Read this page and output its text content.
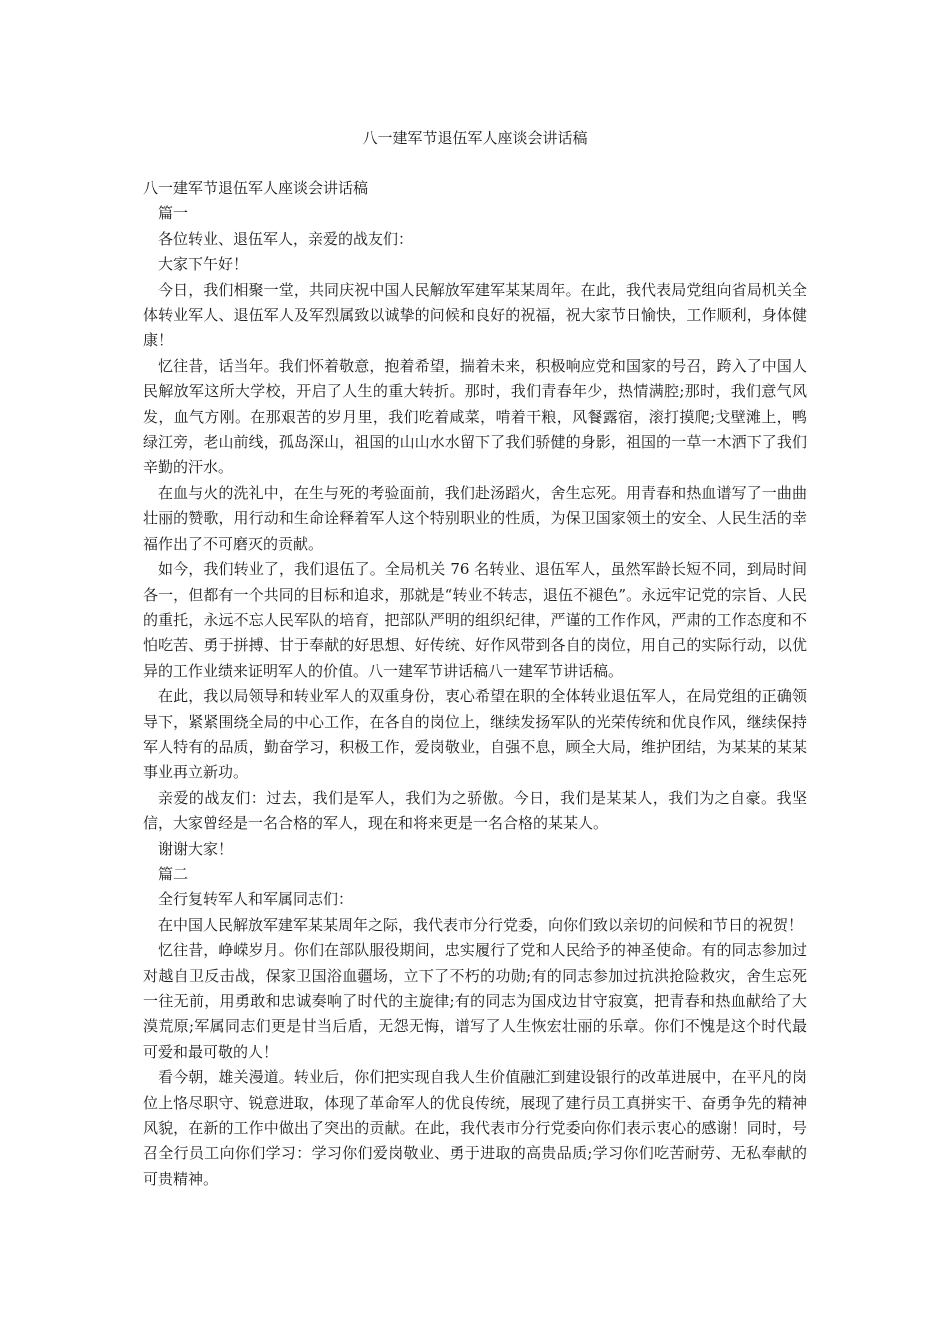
八一建军节退伍军人座谈会讲话稿

八一建军节退伍军人座谈会讲话稿

篇一

各位转业、退伍军人，亲爱的战友们：

大家下午好！

今日，我们相聚一堂，共同庆祝中国人民解放军建军某某周年。在此，我代表局党组向省局机关全体转业军人、退伍军人及军烈属致以诚挚的问候和良好的祝福，祝大家节日愉快，工作顺利，身体健康！

忆往昔，话当年。我们怀着敬意，抱着希望，揣着未来，积极响应党和国家的号召，跨入了中国人民解放军这所大学校，开启了人生的重大转折。那时，我们青春年少，热情满腔;那时，我们意气风发，血气方刚。在那艰苦的岁月里，我们吃着咸菜，啃着干粮，风餐露宿，滚打摸爬;戈壁滩上，鸭绿江旁，老山前线，孤岛深山，祖国的山山水水留下了我们骄健的身影，祖国的一草一木洒下了我们辛勤的汗水。

在血与火的洗礼中，在生与死的考验面前，我们赴汤蹈火，舍生忘死。用青春和热血谱写了一曲曲壮丽的赞歌，用行动和生命诠释着军人这个特别职业的性质，为保卫国家领土的安全、人民生活的幸福作出了不可磨灭的贡献。

如今，我们转业了，我们退伍了。全局机关 76 名转业、退伍军人，虽然军龄长短不同，到局时间各一，但都有一个共同的目标和追求，那就是“转业不转志，退伍不褪色”。永远牢记党的宗旨、人民的重托，永远不忘人民军队的培育，把部队严明的组织纪律，严谨的工作作风，严肃的工作态度和不怕吃苦、勇于拼搏、甘于奉献的好思想、好传统、好作风带到各自的岗位，用自己的实际行动，以优异的工作业绩来证明军人的价值。八一建军节讲话稿八一建军节讲话稿。

在此，我以局领导和转业军人的双重身份，衷心希望在职的全体转业退伍军人，在局党组的正确领导下，紧紧围绕全局的中心工作，在各自的岗位上，继续发扬军队的光荣传统和优良作风，继续保持军人特有的品质，勤奋学习，积极工作，爱岗敬业，自强不息，顾全大局，维护团结，为某某的某某事业再立新功。

亲爱的战友们：过去，我们是军人，我们为之骄傲。今日，我们是某某人，我们为之自豪。我坚信，大家曾经是一名合格的军人，现在和将来更是一名合格的某某人。

谢谢大家！

篇二

全行复转军人和军属同志们：

在中国人民解放军建军某某周年之际，我代表市分行党委，向你们致以亲切的问候和节日的祝贺！

忆往昔，峥嵘岁月。你们在部队服役期间，忠实履行了党和人民给予的神圣使命。有的同志参加过对越自卫反击战，保家卫国浴血疆场，立下了不朽的功勋;有的同志参加过抗洪抢险救灾，舍生忘死一往无前，用勇敢和忠诚奏响了时代的主旋律;有的同志为国戍边甘守寂寞，把青春和热血献给了大漠荒原;军属同志们更是甘当后盾，无怨无悔，谱写了人生恢宏壮丽的乐章。你们不愧是这个时代最可爱和最可敬的人！

看今朝，雄关漫道。转业后，你们把实现自我人生价值融汇到建设银行的改革进展中，在平凡的岗位上恪尽职守、锐意进取，体现了革命军人的优良传统，展现了建行员工真拼实干、奋勇争先的精神风貌，在新的工作中做出了突出的贡献。在此，我代表市分行党委向你们表示衷心的感谢！同时，号召全行员工向你们学习：学习你们爱岗敬业、勇于进取的高贵品质;学习你们吃苦耐劳、无私奉献的可贵精神。
